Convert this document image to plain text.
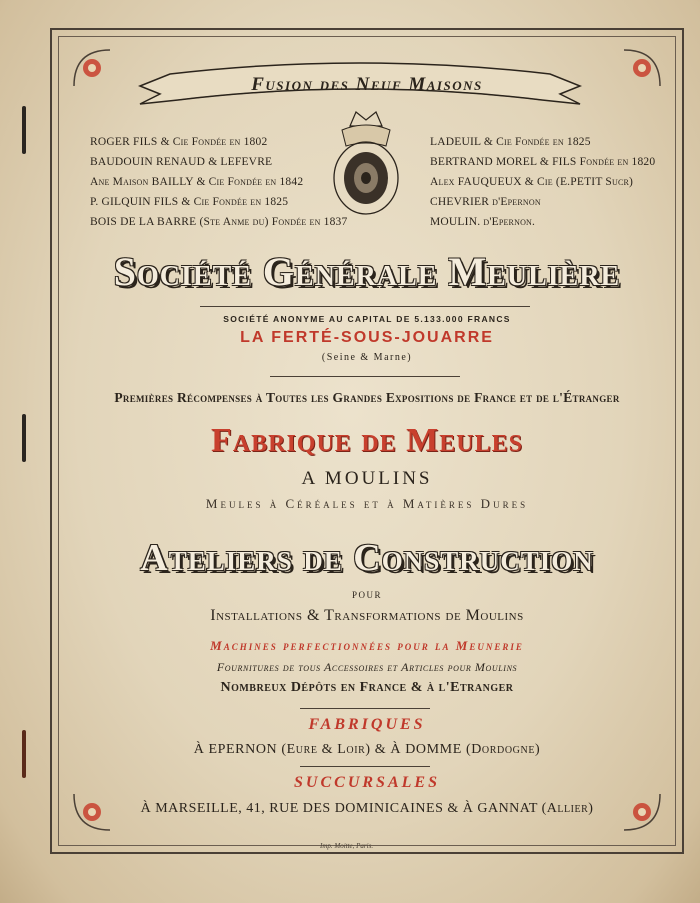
Fusion des Neuf Maisons
ROGER FILS & Cie Fondée en 1802
BAUDOUIN RENAUD & LEFEVRE
Ane Maison BAILLY & Cie Fondée en 1842
P. GILQUIN FILS & Cie Fondée en 1825
BOIS DE LA BARRE (Ste Anme du) Fondée en 1837
LADEUIL & Cie Fondée en 1825
BERTRAND MOREL & FILS Fondée en 1820
Alex FAUQUEUX & Cie (E.PETIT Sucr)
CHEVRIER d'Epernon
MOULIN. d'Epernon.
Société Générale Meulière
SOCIÉTÉ ANONYME AU CAPITAL DE 5.133.000 FRANCS
LA FERTÉ-SOUS-JOUARRE
(Seine & Marne)
Premières Récompenses à Toutes les Grandes Expositions de France et de l'Étranger
Fabrique de Meules
A MOULINS
Meules à Céréales et à Matières Dures
Ateliers de Construction
POUR
Installations & Transformations de Moulins
Machines perfectionnées pour la Meunerie
Fournitures de tous Accessoires et Articles pour Moulins
Nombreux Dépôts en France & à l'Etranger
FABRIQUES
À EPERNON (Eure & Loir) & À DOMME (Dordogne)
SUCCURSALES
À MARSEILLE, 41, RUE DES DOMINICAINES & À GANNAT (Allier)
Imp. Moitte, Paris.
